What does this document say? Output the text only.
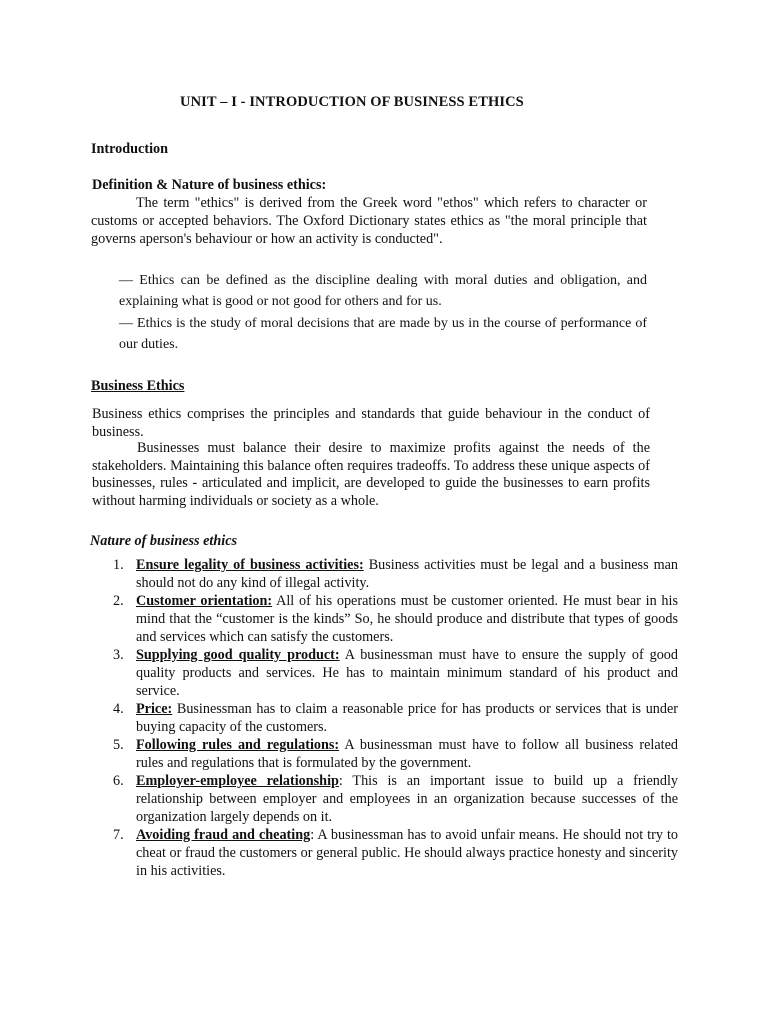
UNIT – I - INTRODUCTION OF BUSINESS ETHICS
Introduction
Definition & Nature of business ethics:

The term "ethics" is derived from the Greek word "ethos" which refers to character or customs or accepted behaviors. The Oxford Dictionary states ethics as "the moral principle that governs aperson's behaviour or how an activity is conducted".

— Ethics can be defined as the discipline dealing with moral duties and obligation, and explaining what is good or not good for others and for us.

— Ethics is the study of moral decisions that are made by us in the course of performance of our duties.

Business Ethics

Business ethics comprises the principles and standards that guide behaviour in the conduct of business.

Businesses must balance their desire to maximize profits against the needs of the stakeholders. Maintaining this balance often requires tradeoffs. To address these unique aspects of businesses, rules - articulated and implicit, are developed to guide the businesses to earn profits without harming individuals or society as a whole.

Nature of business ethics
1. Ensure legality of business activities: Business activities must be legal and a business man should not do any kind of illegal activity.
2. Customer orientation: All of his operations must be customer oriented. He must bear in his mind that the “customer is the kinds” So, he should produce and distribute that types of goods and services which can satisfy the customers.
3. Supplying good quality product: A businessman must have to ensure the supply of good quality products and services. He has to maintain minimum standard of his product and service.
4. Price: Businessman has to claim a reasonable price for has products or services that is under buying capacity of the customers.
5. Following rules and regulations: A businessman must have to follow all business related rules and regulations that is formulated by the government.
6. Employer-employee relationship: This is an important issue to build up a friendly relationship between employer and employees in an organization because successes of the organization largely depends on it.
7. Avoiding fraud and cheating: A businessman has to avoid unfair means. He should not try to cheat or fraud the customers or general public. He should always practice honesty and sincerity in his activities.
